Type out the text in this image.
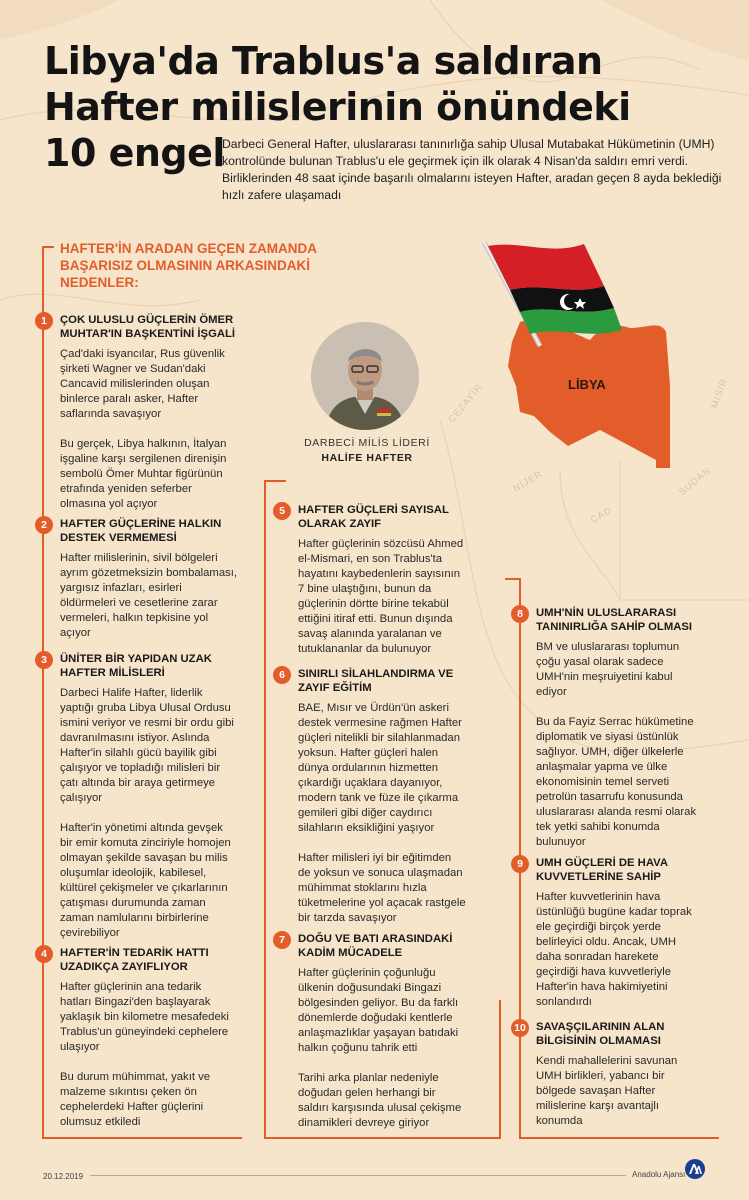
Libya'da Trablus'a saldıran
Hafter milislerinin önündeki
10 engel
Darbeci General Hafter, uluslararası tanınırlığa sahip Ulusal Mutabakat Hükümetinin (UMH) kontrolünde bulunan Trablus'u ele geçirmek için ilk olarak 4 Nisan'da saldırı emri verdi. Birliklerinden 48 saat içinde başarılı olmalarını isteyen Hafter, aradan geçen 8 ayda beklediği hızlı zafere ulaşamadı
HAFTER'İN ARADAN GEÇEN ZAMANDA
BAŞARISIZ OLMASININ ARKASINDAKİ
NEDENLER:
DARBECİ MİLİS LİDERİ
HALİFE HAFTER
LİBYA
CEZAYİR
NİJER
ÇAD
SUDAN
MISIR
1	ÇOK ULUSLU GÜÇLERİN ÖMER
MUHTAR'IN BAŞKENTİNİ İŞGALİ
Çad'daki isyancılar, Rus güvenlik
şirketi Wagner ve Sudan'daki
Cancavid milislerinden oluşan
binlerce paralı asker, Hafter
saflarında savaşıyor

Bu gerçek, Libya halkının, İtalyan
işgaline karşı sergilenen direnişin
sembolü Ömer Muhtar figürünün
etrafında yeniden seferber
olmasına yol açıyor
2	HAFTER GÜÇLERİNE HALKIN
DESTEK VERMEMESİ
Hafter milislerinin, sivil bölgeleri
ayrım gözetmeksizin bombalaması,
yargısız infazları, esirleri
öldürmeleri ve cesetlerine zarar
vermeleri, halkın tepkisine yol
açıyor
3	ÜNİTER BİR YAPIDAN UZAK
HAFTER MİLİSLERİ
Darbeci Halife Hafter, liderlik
yaptığı gruba Libya Ulusal Ordusu
ismini veriyor ve resmi bir ordu gibi
davranılmasını istiyor. Aslında
Hafter'in silahlı gücü bayilik gibi
çalışıyor ve topladığı milisleri bir
çatı altında bir araya getirmeye
çalışıyor

Hafter'in yönetimi altında gevşek
bir emir komuta zinciriyle homojen
olmayan şekilde savaşan bu milis
oluşumlar ideolojik, kabilesel,
kültürel çekişmeler ve çıkarlarının
çatışması durumunda zaman
zaman namlularını birbirlerine
çevirebiliyor
4	HAFTER'İN TEDARİK HATTI
UZADIKÇA ZAYIFLIYOR
Hafter güçlerinin ana tedarik
hatları Bingazi'den başlayarak
yaklaşık bin kilometre mesafedeki
Trablus'un güneyindeki cephelere
ulaşıyor

Bu durum mühimmat, yakıt ve
malzeme sıkıntısı çeken ön
cephelerdeki Hafter güçlerini
olumsuz etkiledi
5	HAFTER GÜÇLERİ SAYISAL
OLARAK ZAYIF
Hafter güçlerinin sözcüsü Ahmed
el-Mismari, en son Trablus'ta
hayatını kaybedenlerin sayısının
7 bine ulaştığını, bunun da
güçlerinin dörtte birine tekabül
ettiğini itiraf etti. Bunun dışında
savaş alanında yaralanan ve
tutuklananlar da bulunuyor
6	SINIRLI SİLAHLANDIRMA VE
ZAYIF EĞİTİM
BAE, Mısır ve Ürdün'ün askeri
destek vermesine rağmen Hafter
güçleri nitelikli bir silahlanmadan
yoksun. Hafter güçleri halen
dünya ordularının hizmetten
çıkardığı uçaklara dayanıyor,
modern tank ve füze ile çıkarma
gemileri gibi diğer caydırıcı
silahların eksikliğini yaşıyor

Hafter milisleri iyi bir eğitimden
de yoksun ve sonuca ulaşmadan
mühimmat stoklarını hızla
tüketmelerine yol açacak rastgele
bir tarzda savaşıyor
7	DOĞU VE BATI ARASINDAKİ
KADİM MÜCADELE
Hafter güçlerinin çoğunluğu
ülkenin doğusundaki Bingazi
bölgesinden geliyor. Bu da farklı
dönemlerde doğudaki kentlerle
anlaşmazlıklar yaşayan batıdaki
halkın çoğunu tahrik etti

Tarihi arka planlar nedeniyle
doğudan gelen herhangi bir
saldırı karşısında ulusal çekişme
dinamikleri devreye giriyor
8	UMH'NİN ULUSLARARASI
TANINIRLIĞA SAHİP OLMASI
BM ve uluslararası toplumun
çoğu yasal olarak sadece
UMH'nin meşruiyetini kabul
ediyor

Bu da Fayiz Serrac hükümetine
diplomatik ve siyasi üstünlük
sağlıyor. UMH, diğer ülkelerle
anlaşmalar yapma ve ülke
ekonomisinin temel serveti
petrolün tasarrufu konusunda
uluslararası alanda resmi olarak
tek yetki sahibi konumda
bulunuyor
9	UMH GÜÇLERİ DE HAVA
KUVVETLERİNE SAHİP
Hafter kuvvetlerinin hava
üstünlüğü bugüne kadar toprak
ele geçirdiği birçok yerde
belirleyici oldu. Ancak, UMH
daha sonradan harekete
geçirdiği hava kuvvetleriyle
Hafter'in hava hakimiyetini
sonlandırdı
10 SAVAŞÇILARININ ALAN
BİLGİSİNİN OLMAMASI
Kendi mahallelerini savunan
UMH birlikleri, yabancı bir
bölgede savaşan Hafter
milislerine karşı avantajlı
konumda
20.12.2019	Anadolu Ajansı
